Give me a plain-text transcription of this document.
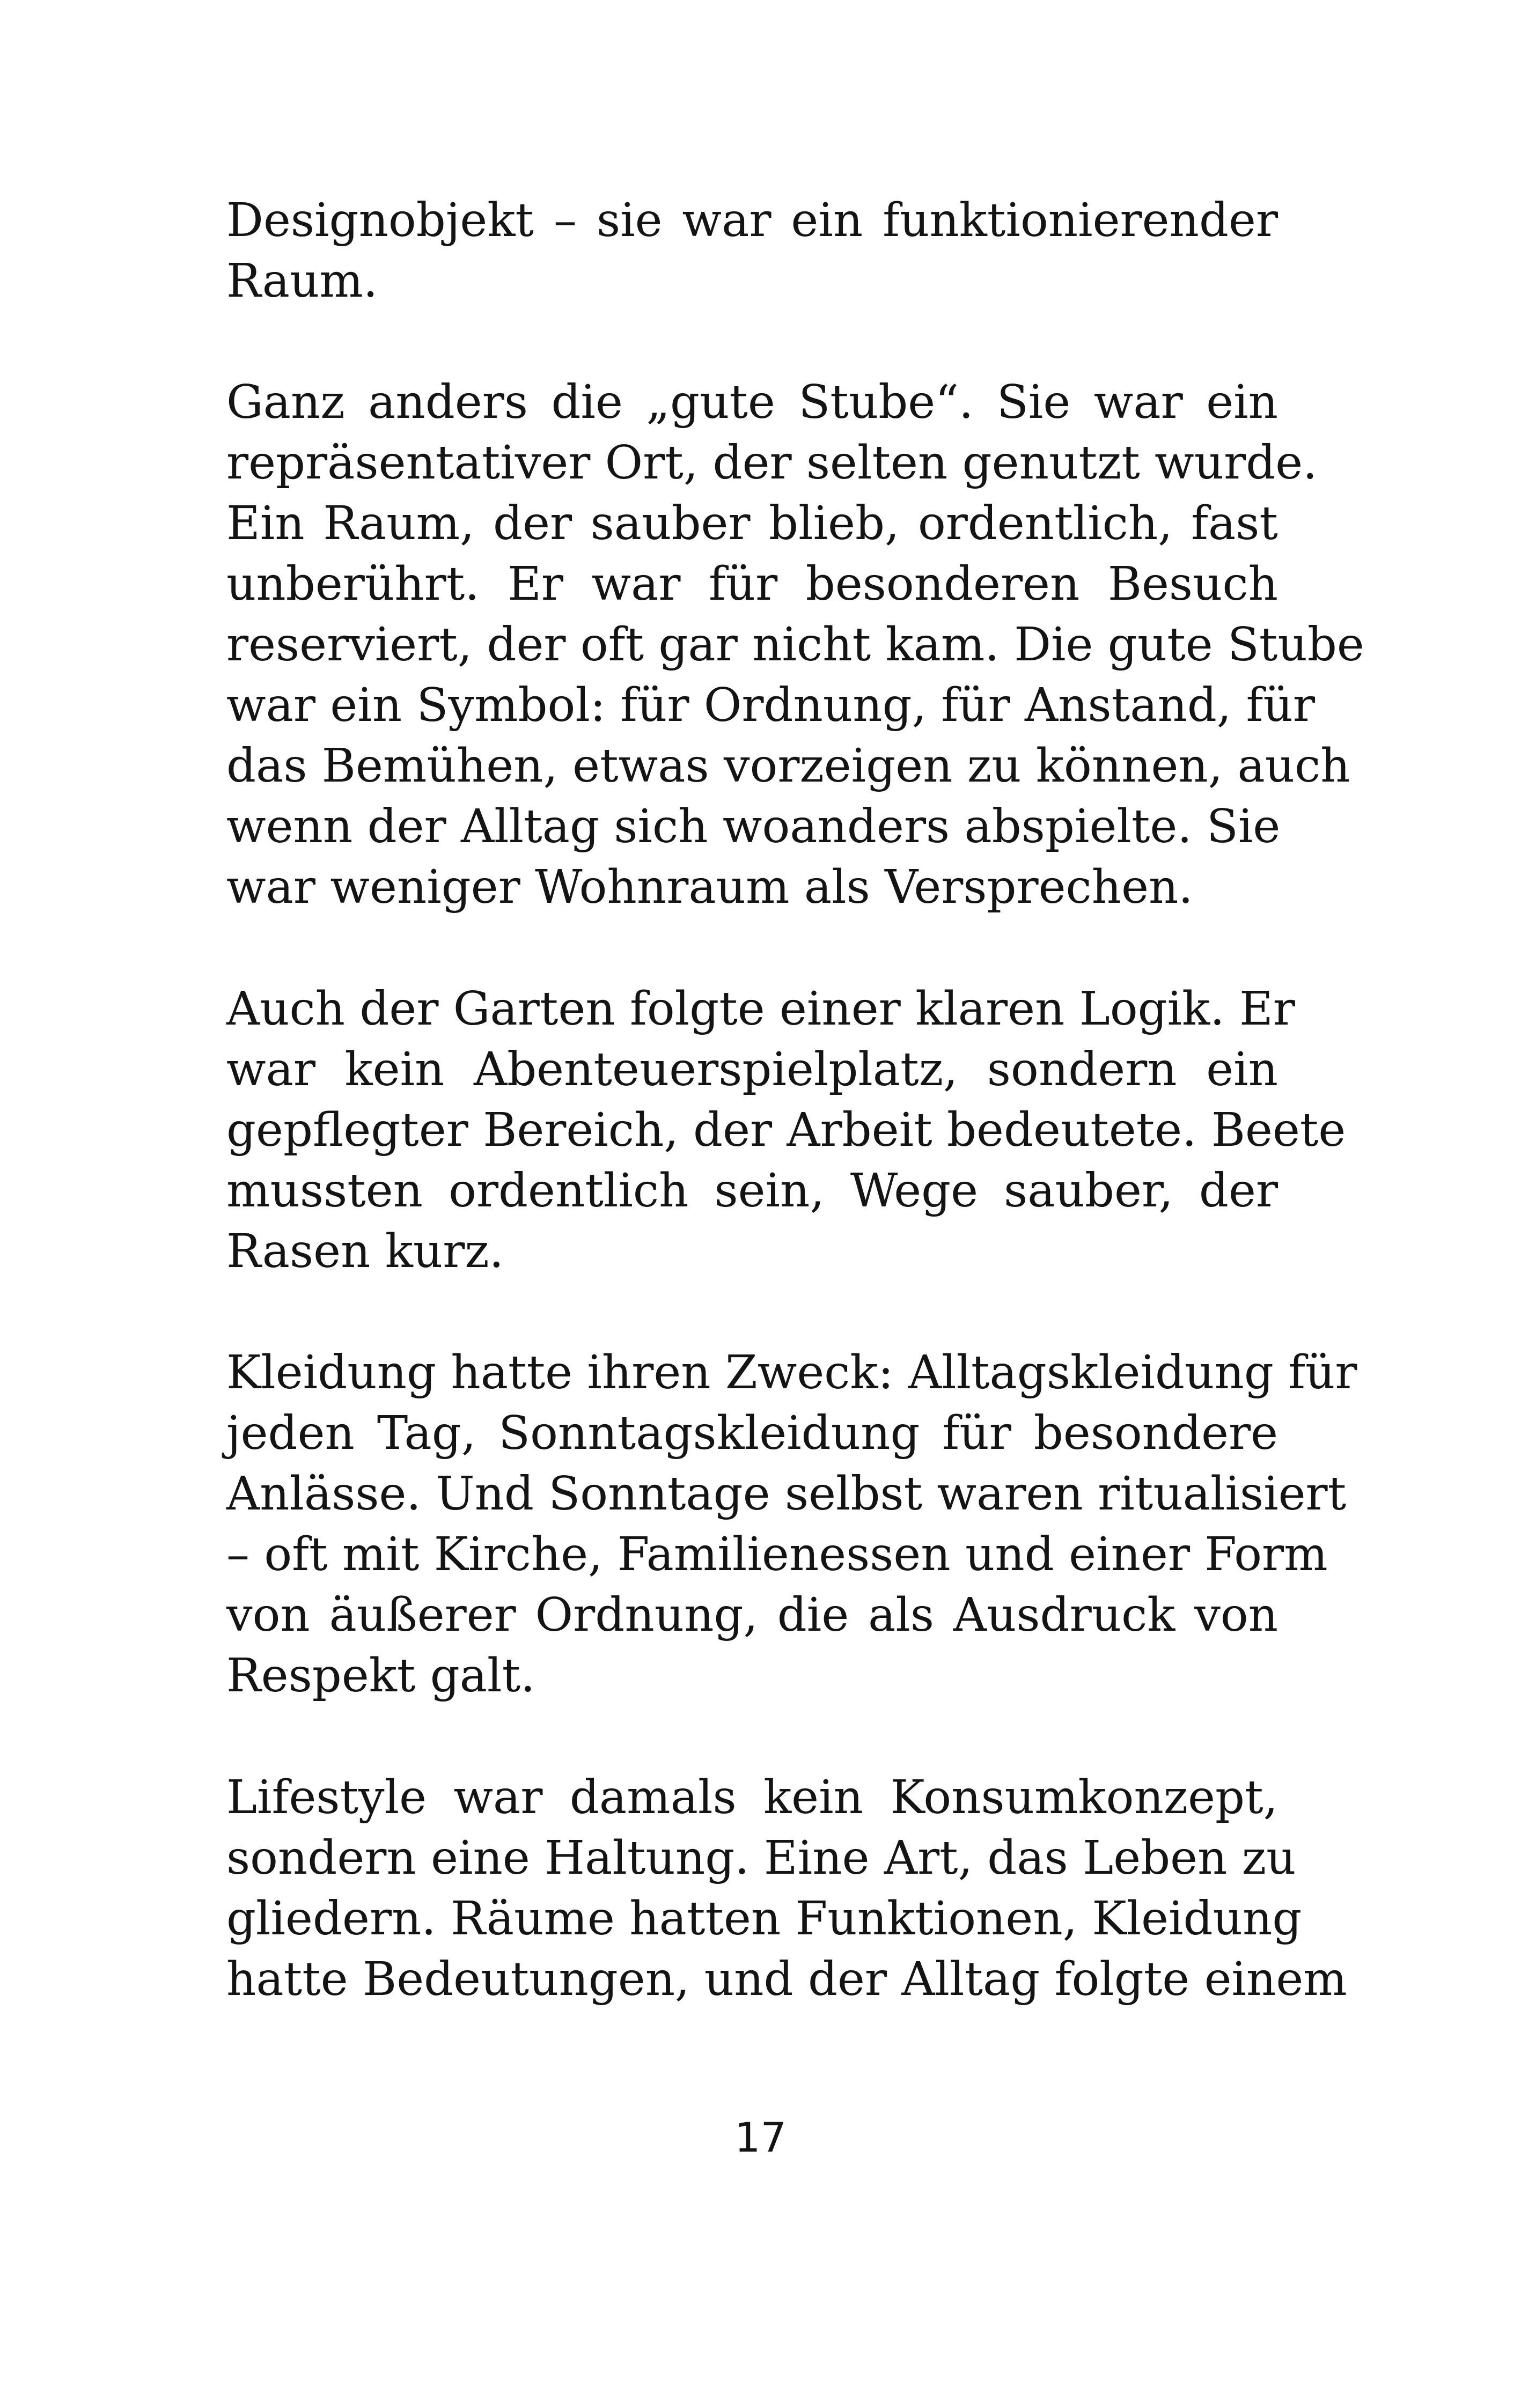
Designobjekt – sie war ein funktionierender
Raum.
Ganz anders die „gute Stube“. Sie war ein
repräsentativer Ort, der selten genutzt wurde.
Ein Raum, der sauber blieb, ordentlich, fast
unberührt. Er war für besonderen Besuch
reserviert, der oft gar nicht kam. Die gute Stube
war ein Symbol: für Ordnung, für Anstand, für
das Bemühen, etwas vorzeigen zu können, auch
wenn der Alltag sich woanders abspielte. Sie
war weniger Wohnraum als Versprechen.
Auch der Garten folgte einer klaren Logik. Er
war kein Abenteuerspielplatz, sondern ein
gepflegter Bereich, der Arbeit bedeutete. Beete
mussten ordentlich sein, Wege sauber, der
Rasen kurz.
Kleidung hatte ihren Zweck: Alltagskleidung für
jeden Tag, Sonntagskleidung für besondere
Anlässe. Und Sonntage selbst waren ritualisiert
– oft mit Kirche, Familienessen und einer Form
von äußerer Ordnung, die als Ausdruck von
Respekt galt.
Lifestyle war damals kein Konsumkonzept,
sondern eine Haltung. Eine Art, das Leben zu
gliedern. Räume hatten Funktionen, Kleidung
hatte Bedeutungen, und der Alltag folgte einem
17
